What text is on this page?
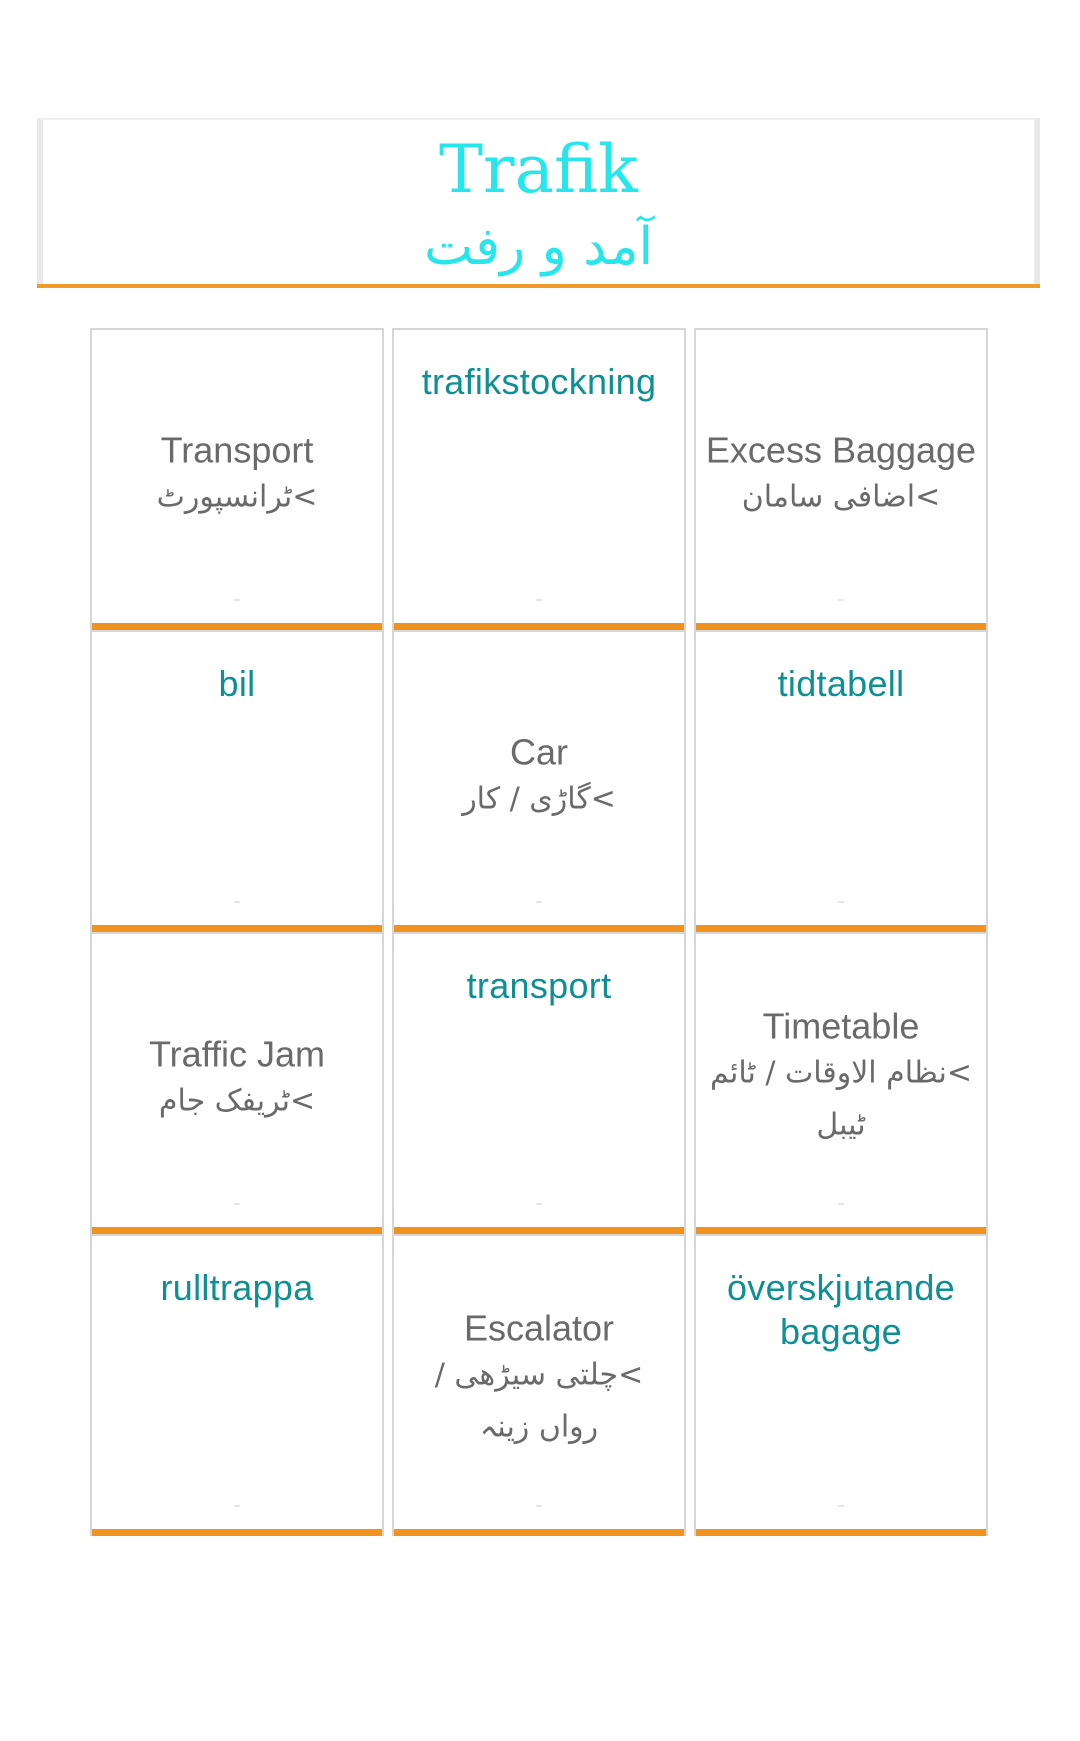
Trafik
آمد و رفت
Transport
>ٹرانسپورٹ
–
trafikstockning
–
Excess Baggage
>اضافی سامان
–
bil
–
Car
>گاڑی / کار
–
tidtabell
–
Traffic Jam
>ٹریفک جام
–
transport
–
Timetable
>نظام الاوقات / ٹائم ٹیبل
–
rulltrappa
–
Escalator
>چلتی سیڑھی / رواں زینہ
–
överskjutande bagage
–
